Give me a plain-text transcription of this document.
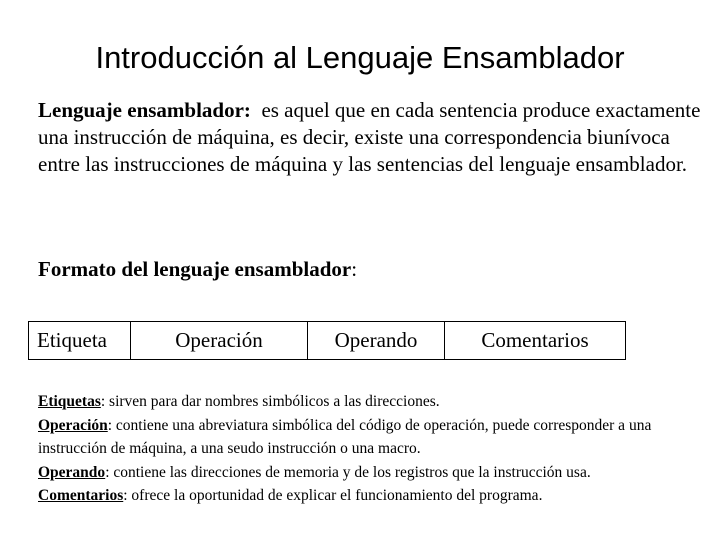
Introducción al Lenguaje Ensamblador
Lenguaje ensamblador: es aquel que en cada sentencia produce exactamente una instrucción de máquina, es decir, existe una correspondencia biunívoca entre las instrucciones de máquina y las sentencias del lenguaje ensamblador.
Formato del lenguaje ensamblador:
Etiqueta	Operación	Operando	Comentarios

Etiquetas: sirven para dar nombres simbólicos a las direcciones.

Operación: contiene una abreviatura simbólica del código de operación, puede corresponder a una instrucción de máquina, a una seudo instrucción o una macro.

Operando: contiene las direcciones de memoria y de los registros que la instrucción usa.

Comentarios: ofrece la oportunidad de explicar el funcionamiento del programa.
